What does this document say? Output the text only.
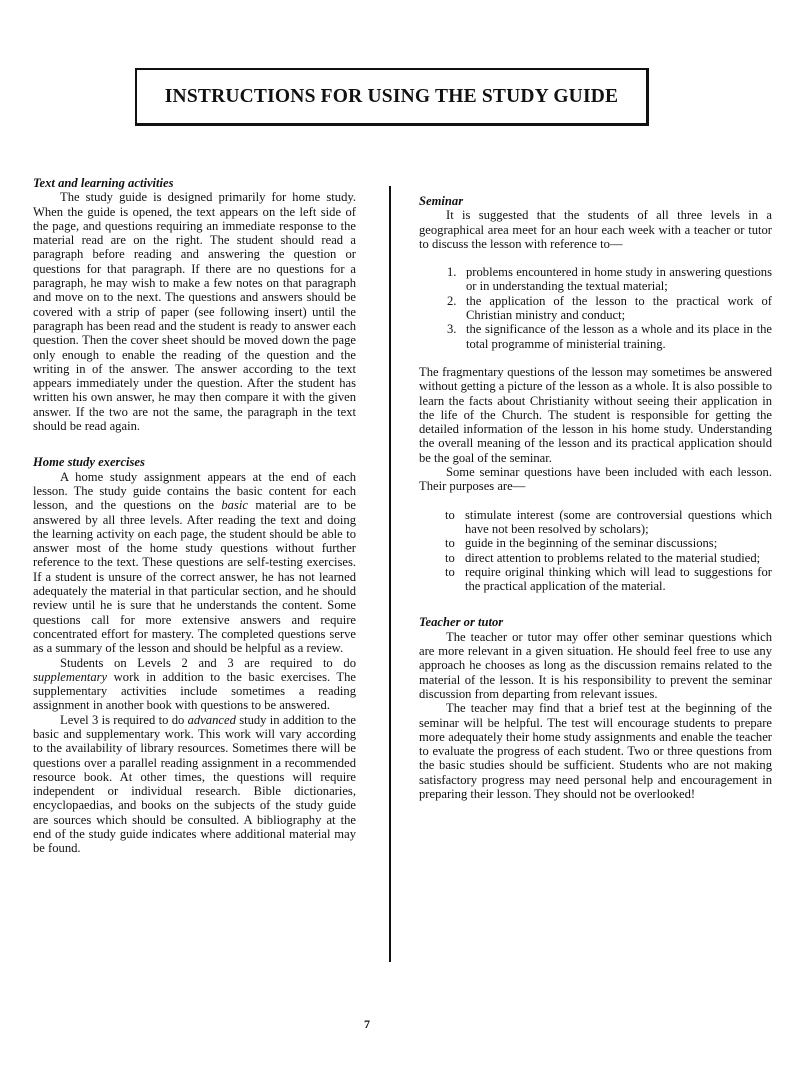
INSTRUCTIONS FOR USING THE STUDY GUIDE

Text and learning activities

The study guide is designed primarily for home study. When the guide is opened, the text appears on the left side of the page, and questions requiring an immediate response to the material read are on the right. The student should read a paragraph before reading and answering the question or questions for that paragraph. If there are no questions for a paragraph, he may wish to make a few notes on that paragraph and move on to the next. The questions and answers should be covered with a strip of paper (see following insert) until the paragraph has been read and the student is ready to answer each question. Then the cover sheet should be moved down the page only enough to enable the reading of the question and the writing in of the answer. The answer according to the text appears immediately under the question. After the student has written his own answer, he may then compare it with the given answer. If the two are not the same, the paragraph in the text should be read again.

Home study exercises

A home study assignment appears at the end of each lesson. The study guide contains the basic content for each lesson, and the questions on the basic material are to be answered by all three levels. After reading the text and doing the learning activity on each page, the student should be able to answer most of the home study questions without further reference to the text. These questions are self-testing exercises. If a student is unsure of the correct answer, he has not learned adequately the material in that particular section, and he should review until he is sure that he understands the content. Some questions call for more extensive answers and require concentrated effort for mastery. The completed questions serve as a summary of the lesson and should be helpful as a review.

Students on Levels 2 and 3 are required to do supplementary work in addition to the basic exercises. The supplementary activities include sometimes a reading assignment in another book with questions to be answered.

Level 3 is required to do advanced study in addition to the basic and supplementary work. This work will vary according to the availability of library resources. Sometimes there will be questions over a parallel reading assignment in a recommended resource book. At other times, the questions will require independent or individual research. Bible dictionaries, encyclopaedias, and books on the subjects of the study guide are sources which should be consulted. A bibliography at the end of the study guide indicates where additional material may be found.

Seminar

It is suggested that the students of all three levels in a geographical area meet for an hour each week with a teacher or tutor to discuss the lesson with reference to—

1. problems encountered in home study in answering questions or in understanding the textual material;
2. the application of the lesson to the practical work of Christian ministry and conduct;
3. the significance of the lesson as a whole and its place in the total programme of ministerial training.

The fragmentary questions of the lesson may sometimes be answered without getting a picture of the lesson as a whole. It is also possible to learn the facts about Christianity without seeing their application in the life of the Church. The student is responsible for getting the detailed information of the lesson in his home study. Understanding the overall meaning of the lesson and its practical application should be the goal of the seminar.

Some seminar questions have been included with each lesson. Their purposes are—

to stimulate interest (some are controversial questions which have not been resolved by scholars);
to guide in the beginning of the seminar discussions;
to direct attention to problems related to the material studied;
to require original thinking which will lead to suggestions for the practical application of the material.

Teacher or tutor

The teacher or tutor may offer other seminar questions which are more relevant in a given situation. He should feel free to use any approach he chooses as long as the discussion remains related to the material of the lesson. It is his responsibility to prevent the seminar discussion from departing from relevant issues.

The teacher may find that a brief test at the beginning of the seminar will be helpful. The test will encourage students to prepare more adequately their home study assignments and enable the teacher to evaluate the progress of each student. Two or three questions from the basic studies should be sufficient. Students who are not making satisfactory progress may need personal help and encouragement in preparing their lesson. They should not be overlooked!

7
